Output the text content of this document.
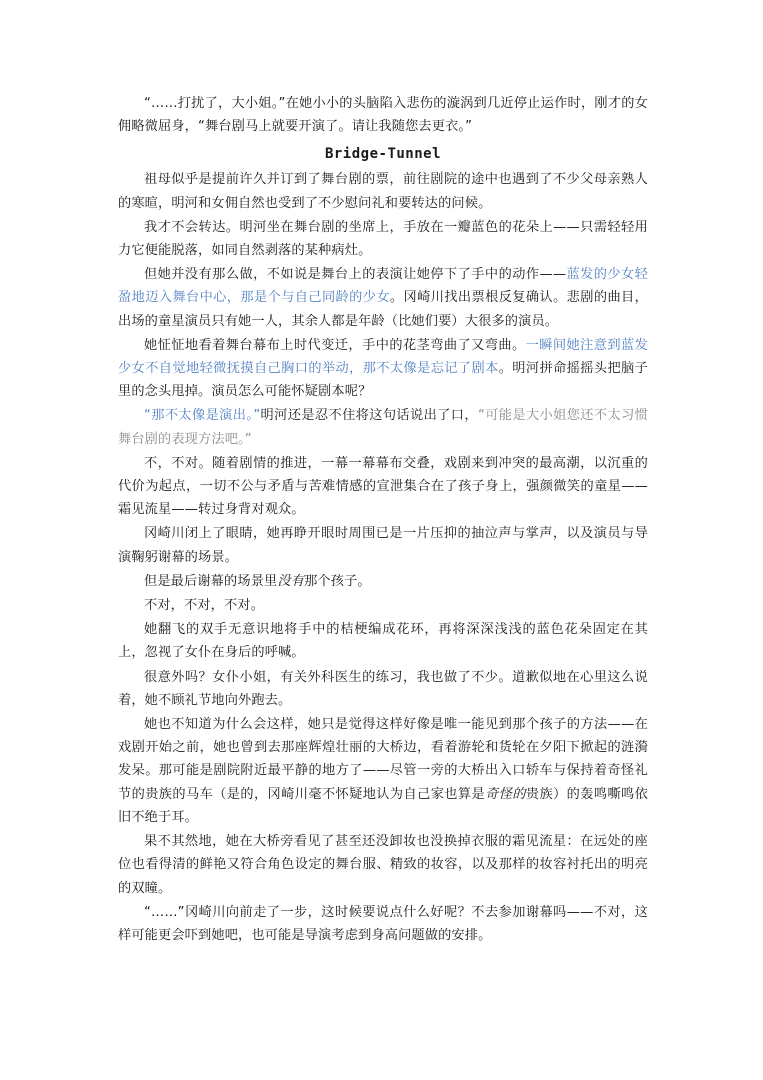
“……打扰了，大小姐。”在她小小的头脑陷入悲伤的漩涡到几近停止运作时，刚才的女佣略微屈身，“舞台剧马上就要开演了。请让我随您去更衣。”

Bridge-Tunnel

祖母似乎是提前许久并订到了舞台剧的票，前往剧院的途中也遇到了不少父母亲熟人的寒暄，明河和女佣自然也受到了不少慰问礼和要转达的问候。

我才不会转达。明河坐在舞台剧的坐席上，手放在一瓣蓝色的花朵上——只需轻轻用力它便能脱落，如同自然剥落的某种病灶。

但她并没有那么做，不如说是舞台上的表演让她停下了手中的动作——蓝发的少女轻盈地迈入舞台中心，那是个与自己同龄的少女。冈崎川找出票根反复确认。悲剧的曲目，出场的童星演员只有她一人，其余人都是年龄（比她们要）大很多的演员。

她怔怔地看着舞台幕布上时代变迁，手中的花茎弯曲了又弯曲。一瞬间她注意到蓝发少女不自觉地轻微抚摸自己胸口的举动，那不太像是忘记了剧本。明河拼命摇摇头把脑子里的念头甩掉。演员怎么可能怀疑剧本呢？

“那不太像是演出。”明河还是忍不住将这句话说出了口，“可能是大小姐您还不太习惯舞台剧的表现方法吧。”

不，不对。随着剧情的推进，一幕一幕幕布交叠，戏剧来到冲突的最高潮，以沉重的代价为起点，一切不公与矛盾与苦难情感的宣泄集合在了孩子身上，强颜微笑的童星——霜见流星——转过身背对观众。

冈崎川闭上了眼睛，她再睁开眼时周围已是一片压抑的抽泣声与掌声，以及演员与导演鞠躬谢幕的场景。

但是最后谢幕的场景里没有那个孩子。

不对，不对，不对。

她翻飞的双手无意识地将手中的桔梗编成花环，再将深深浅浅的蓝色花朵固定在其上，忽视了女仆在身后的呼喊。

很意外吗？女仆小姐，有关外科医生的练习，我也做了不少。道歉似地在心里这么说着，她不顾礼节地向外跑去。

她也不知道为什么会这样，她只是觉得这样好像是唯一能见到那个孩子的方法——在戏剧开始之前，她也曾到去那座辉煌壮丽的大桥边，看着游轮和货轮在夕阳下掀起的涟漪发呆。那可能是剧院附近最平静的地方了——尽管一旁的大桥出入口轿车与保持着奇怪礼节的贵族的马车（是的，冈崎川毫不怀疑地认为自己家也算是奇怪的贵族）的轰鸣嘶鸣依旧不绝于耳。

果不其然地，她在大桥旁看见了甚至还没卸妆也没换掉衣服的霜见流星：在远处的座位也看得清的鲜艳又符合角色设定的舞台服、精致的妆容，以及那样的妆容衬托出的明亮的双瞳。

“……”冈崎川向前走了一步，这时候要说点什么好呢？不去参加谢幕吗——不对，这样可能更会吓到她吧，也可能是导演考虑到身高问题做的安排。
